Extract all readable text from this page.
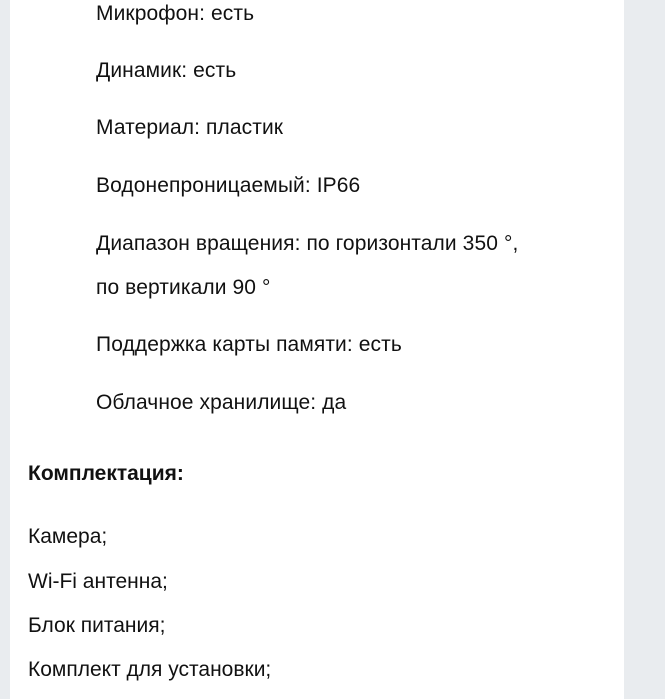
Микрофон: есть
Динамик: есть
Материал: пластик
Водонепроницаемый: IP66
Диапазон вращения: по горизонтали 350 °,
по вертикали 90 °
Поддержка карты памяти: есть
Облачное хранилище: да
Комплектация:
Камера;
Wi-Fi антенна;
Блок питания;
Комплект для установки;
